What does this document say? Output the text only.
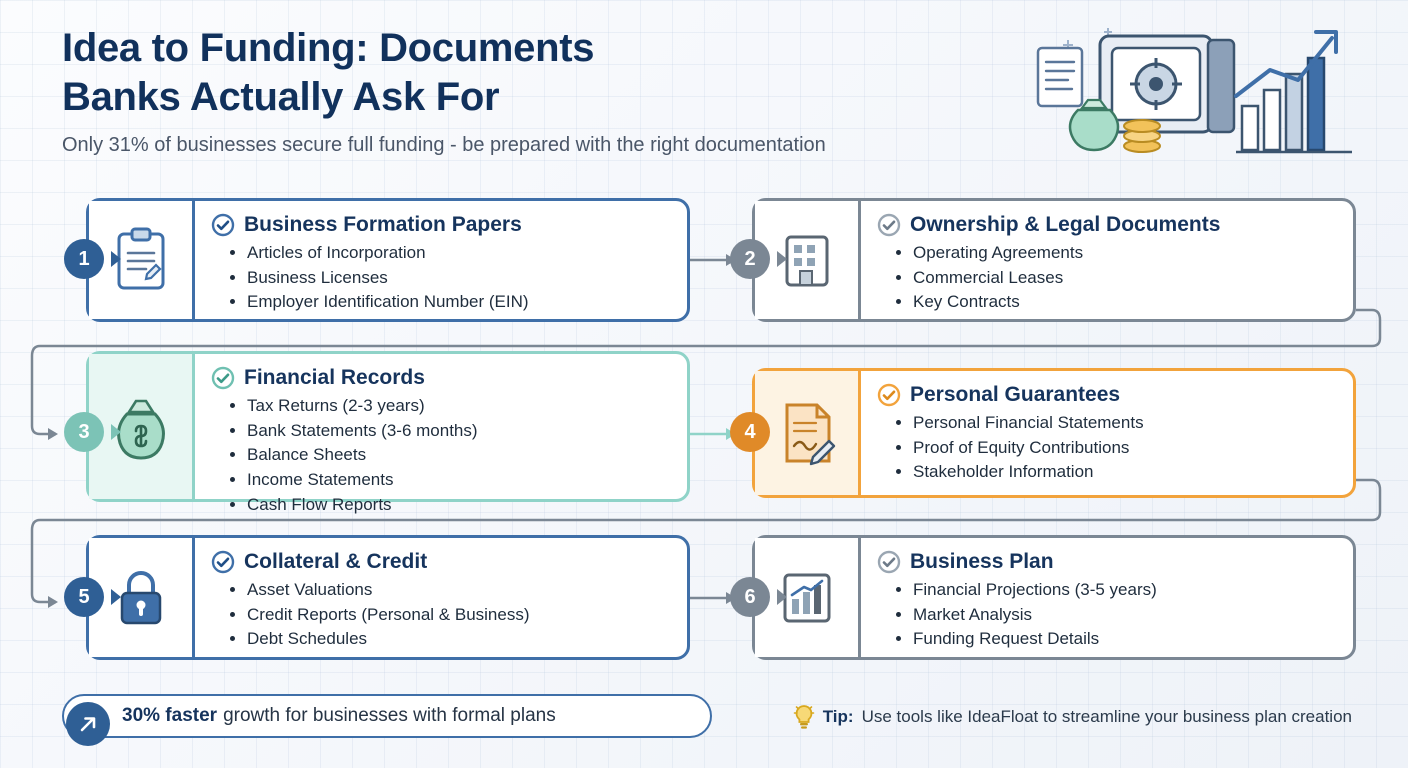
Idea to Funding: Documents
Banks Actually Ask For
Only 31% of businesses secure full funding - be prepared with the right documentation
Business Formation Papers
• Articles of Incorporation
• Business Licenses
• Employer Identification Number (EIN)
1
Ownership & Legal Documents
• Operating Agreements
• Commercial Leases
• Key Contracts
2
Financial Records
• Tax Returns (2-3 years)
• Bank Statements (3-6 months)
• Balance Sheets
• Income Statements
• Cash Flow Reports
3
Personal Guarantees
• Personal Financial Statements
• Proof of Equity Contributions
• Stakeholder Information
4
Collateral & Credit
• Asset Valuations
• Credit Reports (Personal & Business)
• Debt Schedules
5
Business Plan
• Financial Projections (3-5 years)
• Market Analysis
• Funding Request Details
6
30% faster growth for businesses with formal plans	Tip: Use tools like IdeaFloat to streamline your business plan creation
